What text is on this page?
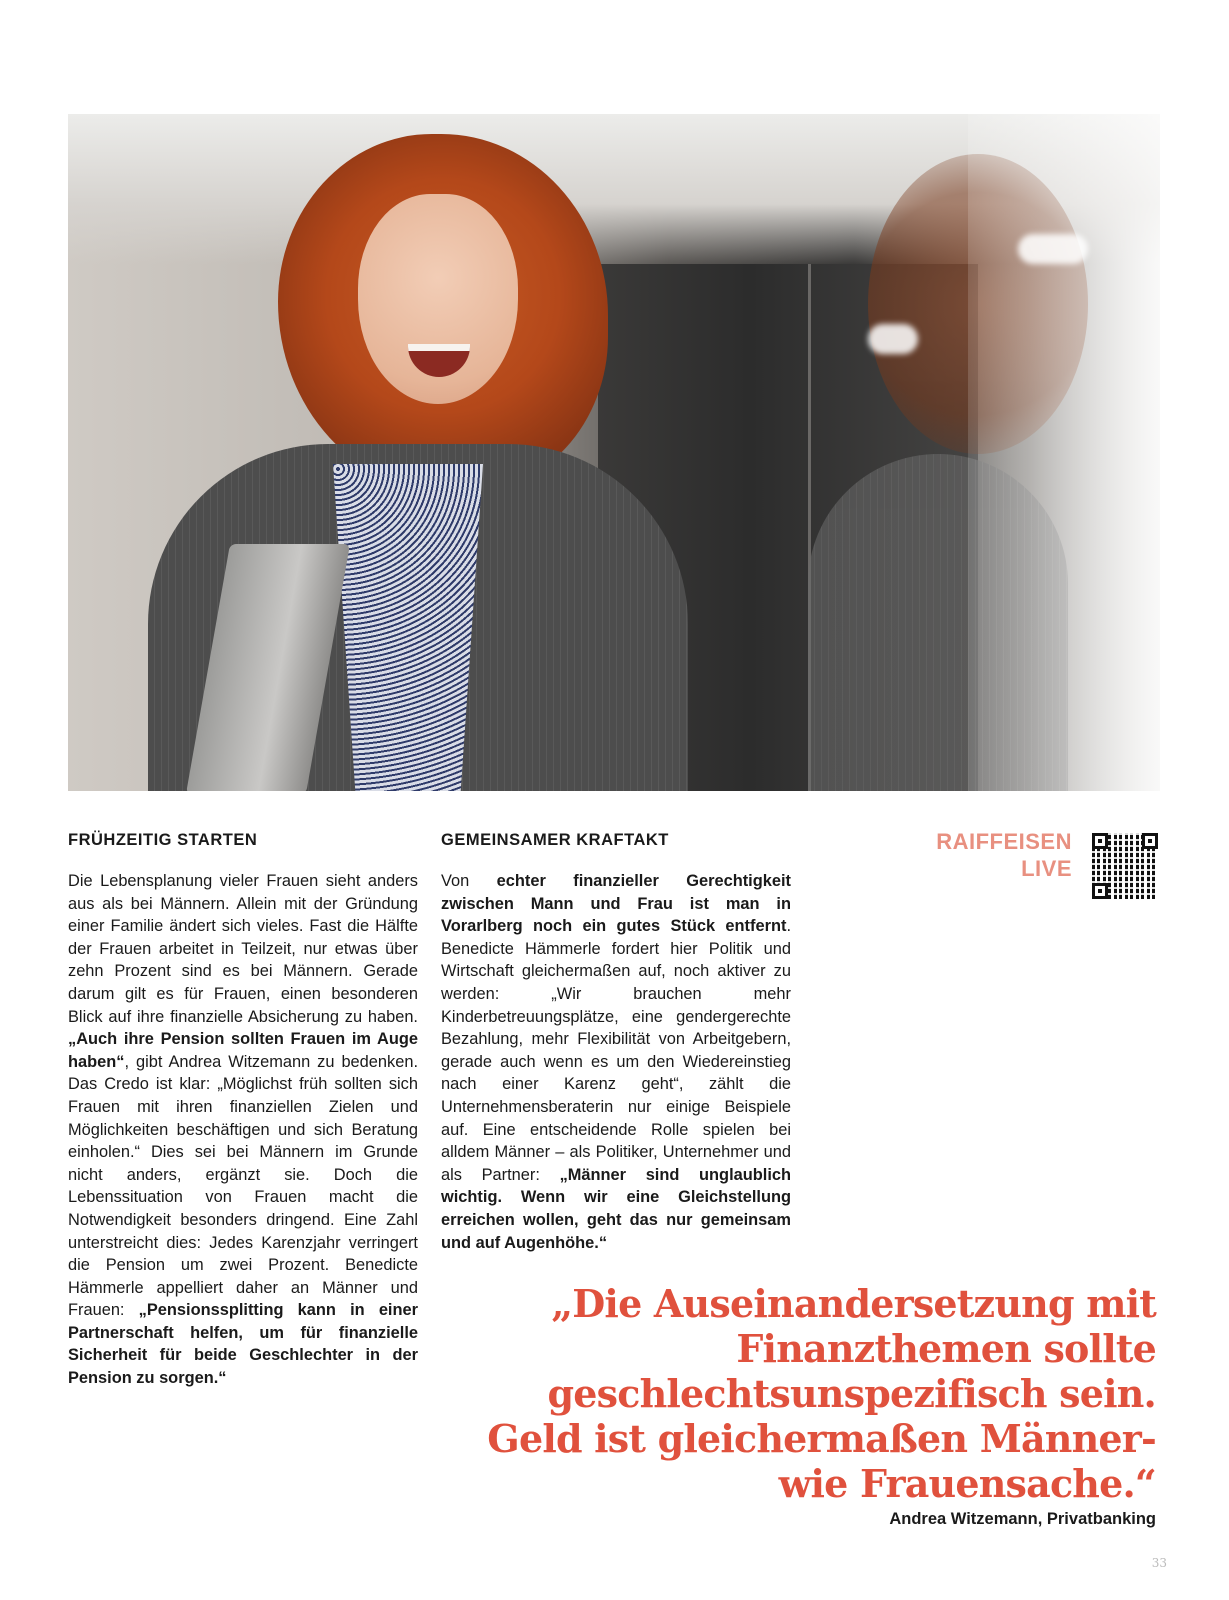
FRÜHZEITIG STARTEN

Die Lebensplanung vieler Frauen sieht anders aus als bei Männern. Allein mit der Gründung einer Familie ändert sich vieles. Fast die Hälfte der Frauen arbeitet in Teilzeit, nur etwas über zehn Prozent sind es bei Männern. Gerade darum gilt es für Frauen, einen besonderen Blick auf ihre finanzielle Absicherung zu haben. „Auch ihre Pension sollten Frauen im Auge haben“, gibt Andrea Witzemann zu bedenken. Das Credo ist klar: „Möglichst früh sollten sich Frauen mit ihren finanziellen Zielen und Möglichkeiten beschäftigen und sich Beratung einholen.“ Dies sei bei Männern im Grunde nicht anders, ergänzt sie. Doch die Lebenssituation von Frauen macht die Notwendigkeit besonders dringend. Eine Zahl unterstreicht dies: Jedes Karenzjahr verringert die Pension um zwei Prozent. Benedicte Hämmerle appelliert daher an Männer und Frauen: „Pensionssplitting kann in einer Partnerschaft helfen, um für finanzielle Sicherheit für beide Geschlechter in der Pension zu sorgen.“

GEMEINSAMER KRAFTAKT

Von echter finanzieller Gerechtigkeit zwischen Mann und Frau ist man in Vorarlberg noch ein gutes Stück entfernt. Benedicte Hämmerle fordert hier Politik und Wirtschaft gleichermaßen auf, noch aktiver zu werden: „Wir brauchen mehr Kinderbetreuungsplätze, eine gendergerechte Bezahlung, mehr Flexibilität von Arbeitgebern, gerade auch wenn es um den Wiedereinstieg nach einer Karenz geht“, zählt die Unternehmensberaterin nur einige Beispiele auf. Eine entscheidende Rolle spielen bei alldem Männer – als Politiker, Unternehmer und als Partner: „Männer sind unglaublich wichtig. Wenn wir eine Gleichstellung erreichen wollen, geht das nur gemeinsam und auf Augenhöhe.“

RAIFFEISEN
LIVE
„Die Auseinandersetzung mit Finanzthemen sollte geschlechtsunspezifisch sein. Geld ist gleichermaßen Männer- wie Frauensache.“
Andrea Witzemann, Privatbanking
33
